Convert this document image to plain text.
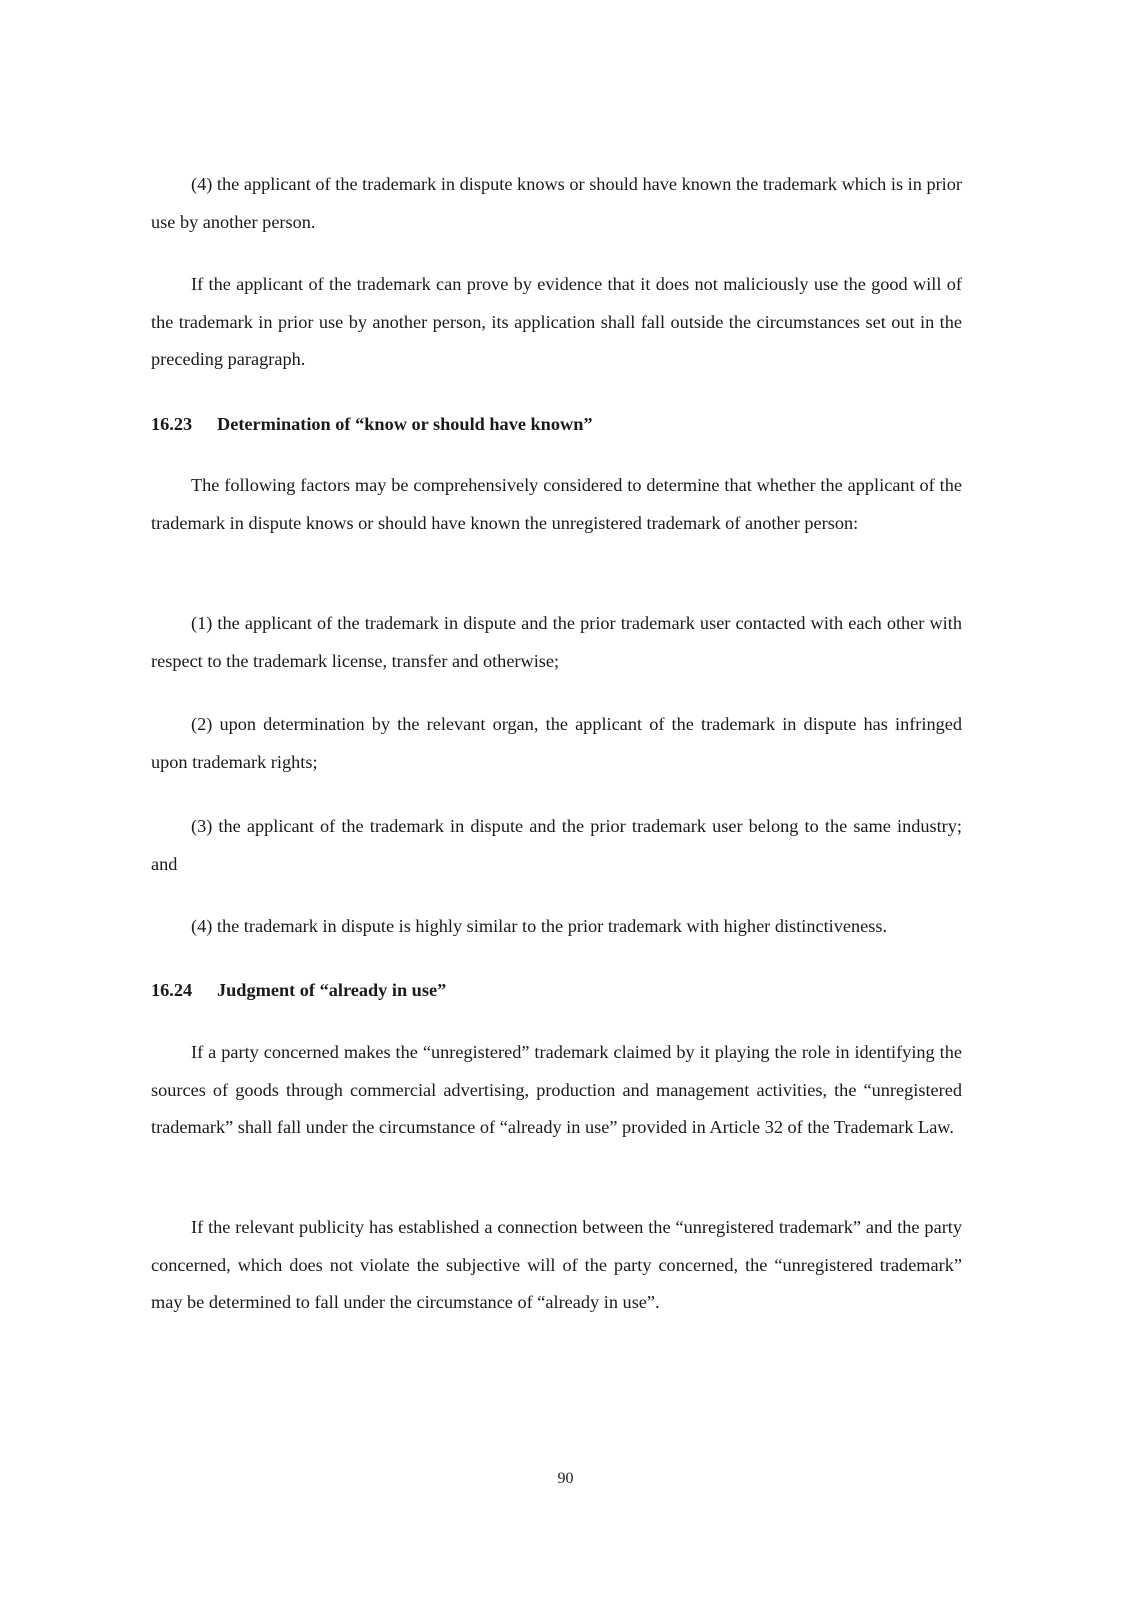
(4) the applicant of the trademark in dispute knows or should have known the trademark which is in prior use by another person.

If the applicant of the trademark can prove by evidence that it does not maliciously use the good will of the trademark in prior use by another person, its application shall fall outside the circumstances set out in the preceding paragraph.

16.23 Determination of “know or should have known”

The following factors may be comprehensively considered to determine that whether the applicant of the trademark in dispute knows or should have known the unregistered trademark of another person:

(1) the applicant of the trademark in dispute and the prior trademark user contacted with each other with respect to the trademark license, transfer and otherwise;

(2) upon determination by the relevant organ, the applicant of the trademark in dispute has infringed upon trademark rights;

(3) the applicant of the trademark in dispute and the prior trademark user belong to the same industry; and

(4) the trademark in dispute is highly similar to the prior trademark with higher distinctiveness.

16.24 Judgment of “already in use”

If a party concerned makes the “unregistered” trademark claimed by it playing the role in identifying the sources of goods through commercial advertising, production and management activities, the “unregistered trademark” shall fall under the circumstance of “already in use” provided in Article 32 of the Trademark Law.

If the relevant publicity has established a connection between the “unregistered trademark” and the party concerned, which does not violate the subjective will of the party concerned, the “unregistered trademark” may be determined to fall under the circumstance of “already in use”.

90
